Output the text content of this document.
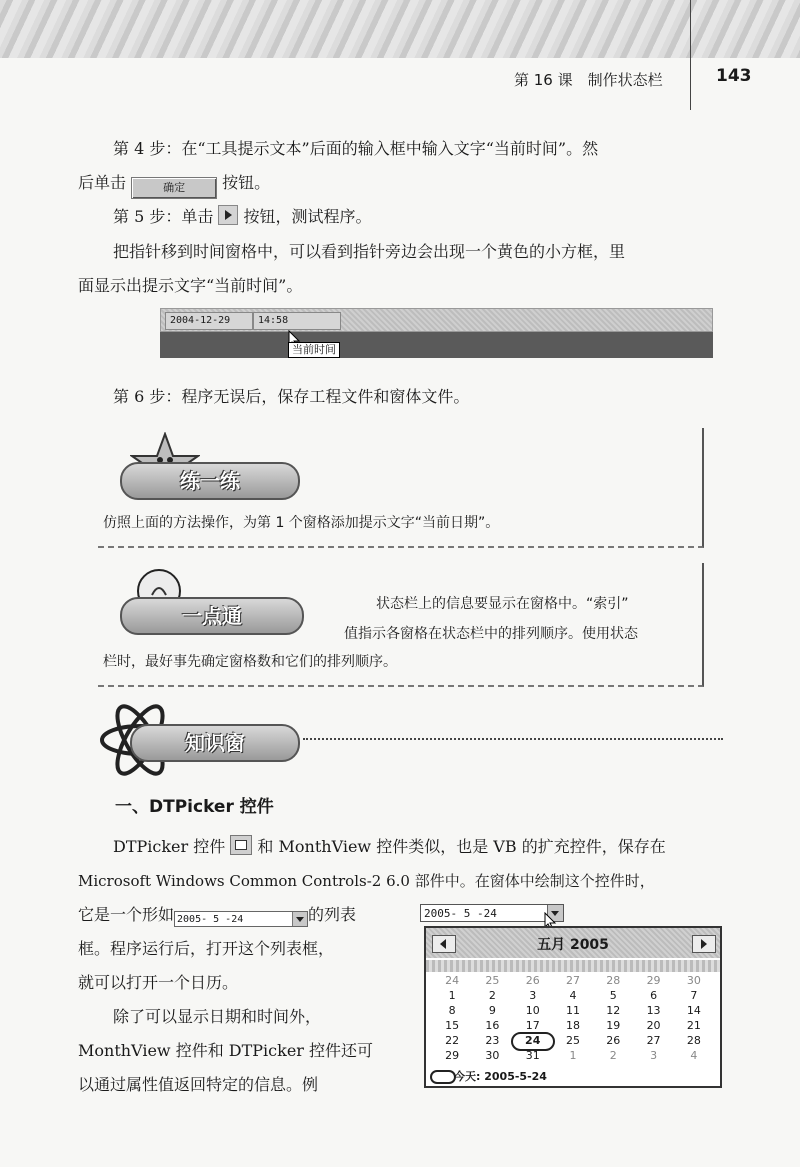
第 16 课　制作状态栏	143
第 4 步：在“工具提示文本”后面的输入框中输入文字“当前时间”。然
后单击	确定 按钮。
第 5 步：单击  按钮，测试程序。
把指针移到时间窗格中，可以看到指针旁边会出现一个黄色的小方框，里
面显示出提示文字“当前时间”。
2004-12-29	14:58
当前时间
第 6 步：程序无误后，保存工程文件和窗体文件。
练一练
仿照上面的方法操作，为第 1 个窗格添加提示文字“当前日期”。
一点通	状态栏上的信息要显示在窗格中。“索引”
值指示各窗格在状态栏中的排列顺序。使用状态
栏时，最好事先确定窗格数和它们的排列顺序。
知识窗
一、DTPicker 控件
DTPicker 控件  和 MonthView 控件类似，也是 VB 的扩充控件，保存在
Microsoft Windows Common Controls-2 6.0 部件中。在窗体中绘制这个控件时，
它是一个形如 2005- 5 -24	的列表
框。程序运行后，打开这个列表框，
就可以打开一个日历。
除了可以显示日期和时间外，
MonthView 控件和 DTPicker 控件还可
以通过属性值返回特定的信息。例
2005- 5 -24
五月 2005
24	25	26	27	28	29	30
1	2	3	4	5	6	7
8	9	10	11	12	13	14
15	16	17	18	19	20	21
22	23	24	25	26	27	28
29	30	31	1	2	3	4
今天: 2005-5-24
